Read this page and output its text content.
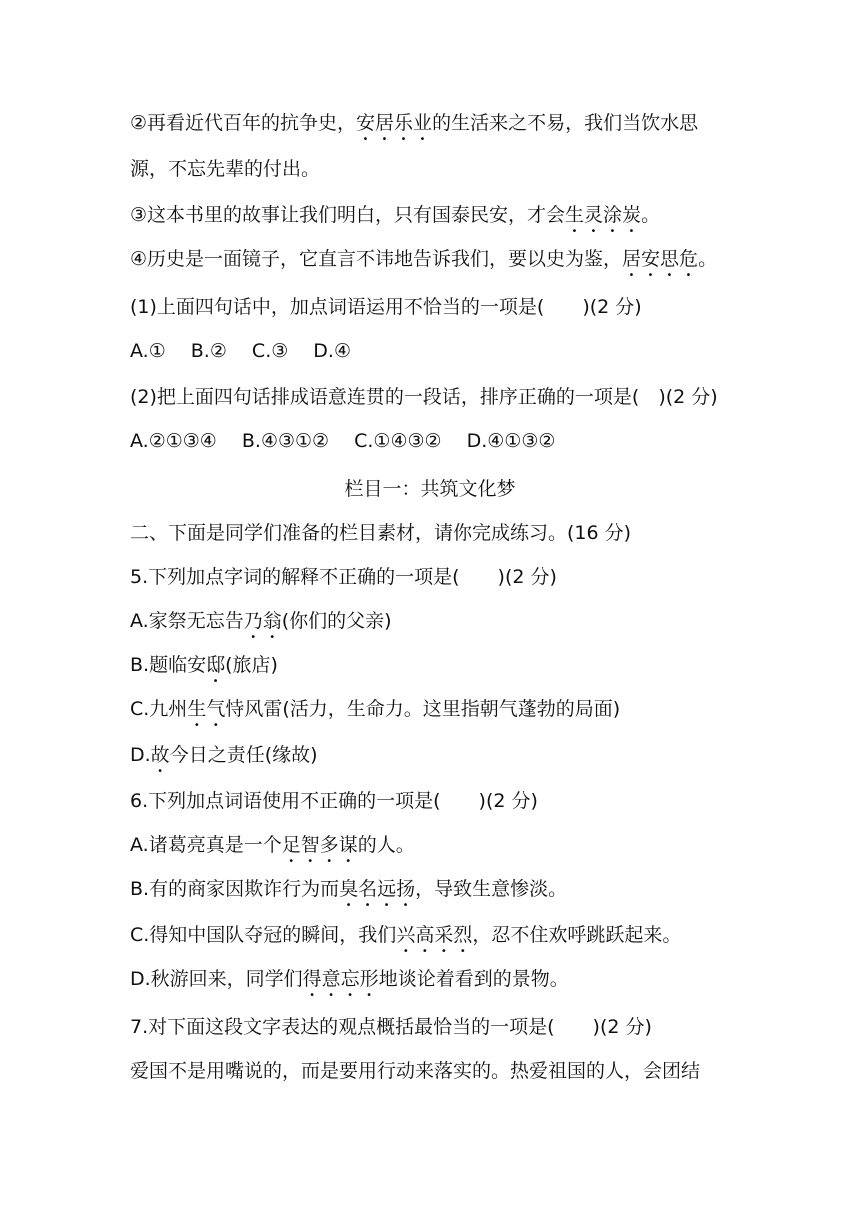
②再看近代百年的抗争史，安居乐业的生活来之不易，我们当饮水思
源，不忘先辈的付出。
③这本书里的故事让我们明白，只有国泰民安，才会生灵涂炭。
④历史是一面镜子，它直言不讳地告诉我们，要以史为鉴，居安思危。
(1)上面四句话中，加点词语运用不恰当的一项是(　　)(2 分)
A.①　 B.②　 C.③　 D.④
(2)把上面四句话排成语意连贯的一段话，排序正确的一项是(　)(2 分)
A.②①③④　 B.④③①②　 C.①④③②　 D.④①③②
栏目一：共筑文化梦
二、下面是同学们准备的栏目素材，请你完成练习。(16 分)
5.下列加点字词的解释不正确的一项是(　　)(2 分)
A.家祭无忘告乃翁(你们的父亲)
B.题临安邸(旅店)
C.九州生气恃风雷(活力，生命力。这里指朝气蓬勃的局面)
D.故今日之责任(缘故)
6.下列加点词语使用不正确的一项是(　　)(2 分)
A.诸葛亮真是一个足智多谋的人。
B.有的商家因欺诈行为而臭名远扬，导致生意惨淡。
C.得知中国队夺冠的瞬间，我们兴高采烈，忍不住欢呼跳跃起来。
D.秋游回来，同学们得意忘形地谈论着看到的景物。
7.对下面这段文字表达的观点概括最恰当的一项是(　　)(2 分)
爱国不是用嘴说的，而是要用行动来落实的。热爱祖国的人，会团结
